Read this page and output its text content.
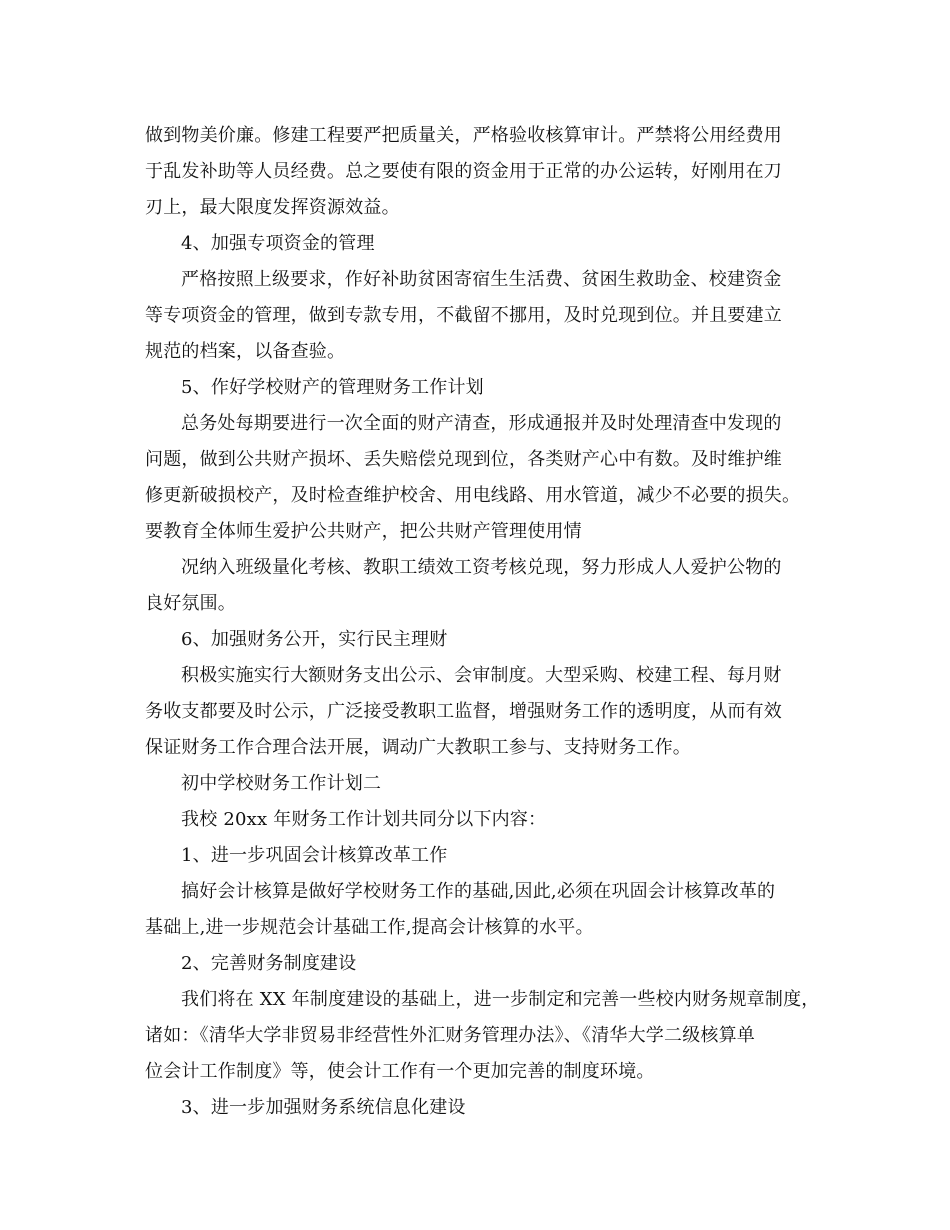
做到物美价廉。修建工程要严把质量关，严格验收核算审计。严禁将公用经费用
于乱发补助等人员经费。总之要使有限的资金用于正常的办公运转，好刚用在刀
刃上，最大限度发挥资源效益。
4、加强专项资金的管理
严格按照上级要求，作好补助贫困寄宿生生活费、贫困生救助金、校建资金
等专项资金的管理，做到专款专用，不截留不挪用，及时兑现到位。并且要建立
规范的档案，以备查验。
5、作好学校财产的管理财务工作计划
总务处每期要进行一次全面的财产清查，形成通报并及时处理清查中发现的
问题，做到公共财产损坏、丢失赔偿兑现到位，各类财产心中有数。及时维护维
修更新破损校产，及时检查维护校舍、用电线路、用水管道，减少不必要的损失。
要教育全体师生爱护公共财产，把公共财产管理使用情
况纳入班级量化考核、教职工绩效工资考核兑现，努力形成人人爱护公物的
良好氛围。
6、加强财务公开，实行民主理财
积极实施实行大额财务支出公示、会审制度。大型采购、校建工程、每月财
务收支都要及时公示，广泛接受教职工监督，增强财务工作的透明度，从而有效
保证财务工作合理合法开展，调动广大教职工参与、支持财务工作。
初中学校财务工作计划二
我校 20xx 年财务工作计划共同分以下内容：
1、进一步巩固会计核算改革工作
搞好会计核算是做好学校财务工作的基础,因此,必须在巩固会计核算改革的
基础上,进一步规范会计基础工作,提高会计核算的水平。
2、完善财务制度建设
我们将在 XX 年制度建设的基础上，进一步制定和完善一些校内财务规章制度，
诸如：《清华大学非贸易非经营性外汇财务管理办法》、《清华大学二级核算单
位会计工作制度》等，使会计工作有一个更加完善的制度环境。
3、进一步加强财务系统信息化建设
